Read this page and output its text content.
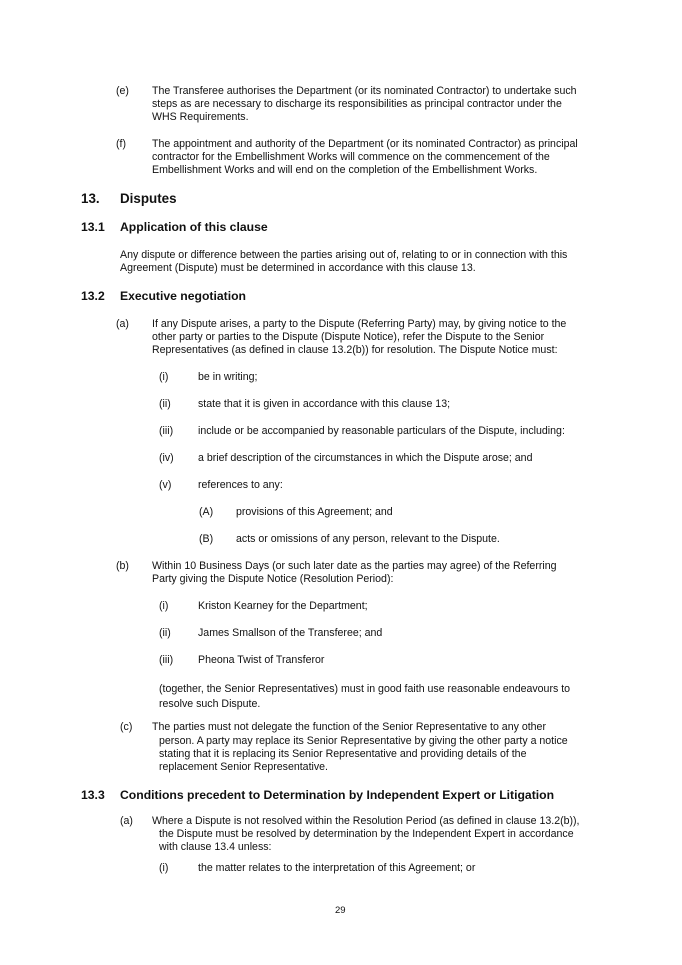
(e) The Transferee authorises the Department (or its nominated Contractor) to undertake such
steps as are necessary to discharge its responsibilities as principal contractor under the
WHS Requirements.
(f) The appointment and authority of the Department (or its nominated Contractor) as principal
contractor for the Embellishment Works will commence on the commencement of the
Embellishment Works and will end on the completion of the Embellishment Works.
13. Disputes
13.1 Application of this clause
Any dispute or difference between the parties arising out of, relating to or in connection with this
Agreement (Dispute) must be determined in accordance with this clause 13.
13.2 Executive negotiation
(a) If any Dispute arises, a party to the Dispute (Referring Party) may, by giving notice to the
other party or parties to the Dispute (Dispute Notice), refer the Dispute to the Senior
Representatives (as defined in clause 13.2(b)) for resolution. The Dispute Notice must:
(i)	be in writing;
(ii)	state that it is given in accordance with this clause 13;
(iii) include or be accompanied by reasonable particulars of the Dispute, including:
(iv) a brief description of the circumstances in which the Dispute arose; and
(v)	references to any:
(A) provisions of this Agreement; and
(B) acts or omissions of any person, relevant to the Dispute.
(b) Within 10 Business Days (or such later date as the parties may agree) of the Referring
Party giving the Dispute Notice (Resolution Period):
(i)	Kriston Kearney for the Department;
(ii)	James Smallson of the Transferee; and
(iii) Pheona Twist of Transferor
(together, the Senior Representatives) must in good faith use reasonable endeavours to
resolve such Dispute.
(c) The parties must not delegate the function of the Senior Representative to any other
person. A party may replace its Senior Representative by giving the other party a notice
stating that it is replacing its Senior Representative and providing details of the
replacement Senior Representative.
13.3 Conditions precedent to Determination by Independent Expert or Litigation
(a) Where a Dispute is not resolved within the Resolution Period (as defined in clause 13.2(b)),
the Dispute must be resolved by determination by the Independent Expert in accordance
with clause 13.4 unless:
(i)	the matter relates to the interpretation of this Agreement; or
29
